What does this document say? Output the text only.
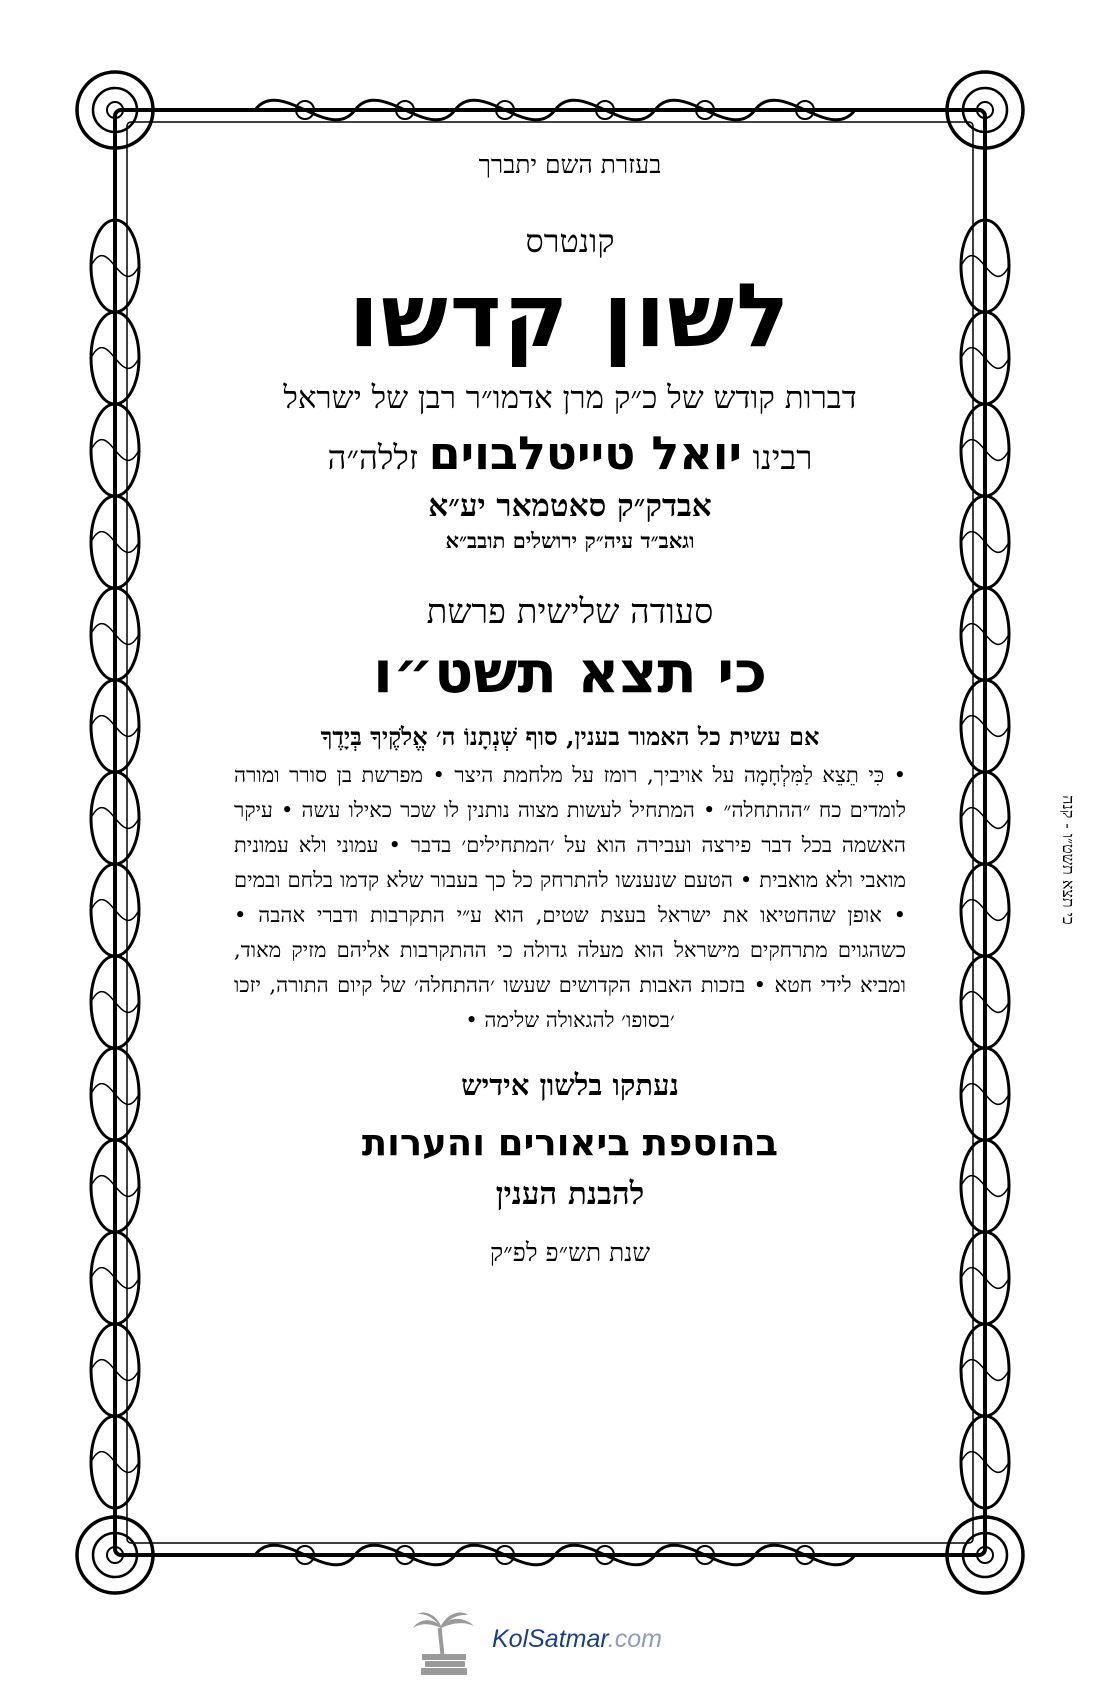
בעזרת השם יתברך
קונטרס
לשון קדשו
דברות קודש של כ״ק מרן אדמו״ר רבן של ישראל
רבינו יואל טייטלבוים זללה״ה
אבדק״ק סאטמאר יע״א
וגאב״ד עיה״ק ירושלים תובב״א
סעודה שלישית פרשת
כי תצא תשט״ו
אם עשית כל האמור בענין, סוף שְׁנְתָנוֹ ה׳ אֱלֹקֶיךָ בְּיָדֶךָ
• כִּי תֵצֵא לַמִּלְחָמָה על אויביך, רומז על מלחמת היצר • מפרשת בן סורר ומורה לומדים כח ״ההתחלה״ • המתחיל לעשות מצוה נותנין לו שכר כאילו עשה • עיקר האשמה בכל דבר פירצה ועבירה הוא על ׳המתחילים׳ בדבר • עמוני ולא עמונית מואבי ולא מואבית • הטעם שנענשו להתרחק כל כך בעבור שלא קדמו בלחם ובמים • אופן שהחטיאו את ישראל בעצת שטים, הוא ע״י התקרבות ודברי אהבה • כשהגוים מתרחקים מישראל הוא מעלה גדולה כי ההתקרבות אליהם מזיק מאוד, ומביא לידי חטא • בזכות האבות הקדושים שעשו ׳ההתחלה׳ של קיום התורה, יזכו ׳בסופו׳ להגאולה שלימה •
נעתקו בלשון אידיש
בהוספת ביאורים והערות
להבנת הענין
שנת תש״פ לפ״ק
כי תצא תשט״ו - קנה
KolSatmar.com
